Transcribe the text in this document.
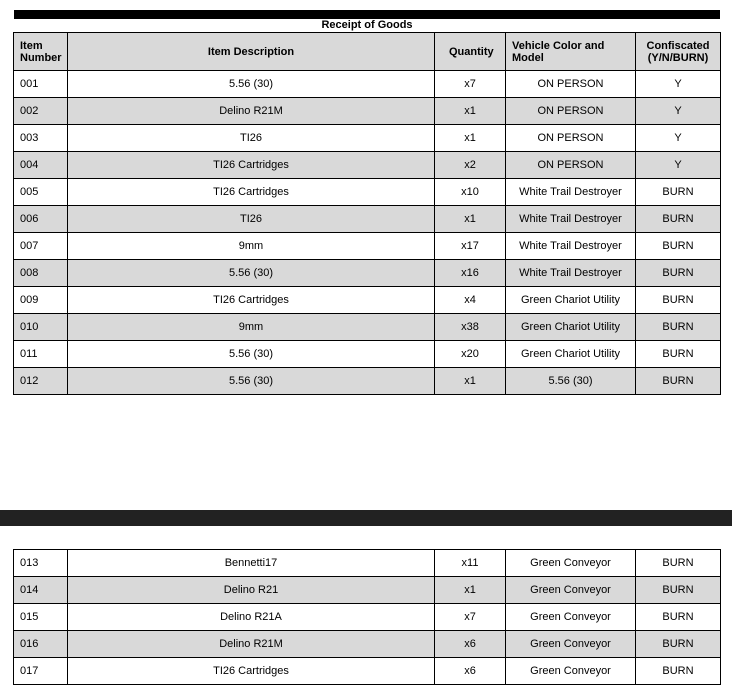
Receipt of Goods
Item Number	Item Description	Quantity	Vehicle Color and Model	Confiscated (Y/N/BURN)
001	5.56 (30)	x7	ON PERSON	Y
002	Delino R21M	x1	ON PERSON	Y
003	TI26	x1	ON PERSON	Y
004	TI26 Cartridges	x2	ON PERSON	Y
005	TI26 Cartridges	x10	White Trail Destroyer	BURN
006	TI26	x1	White Trail Destroyer	BURN
007	9mm	x17	White Trail Destroyer	BURN
008	5.56 (30)	x16	White Trail Destroyer	BURN
009	TI26 Cartridges	x4	Green Chariot Utility	BURN
010	9mm	x38	Green Chariot Utility	BURN
011	5.56 (30)	x20	Green Chariot Utility	BURN
012	5.56 (30)	x1	5.56 (30)	BURN
013	Bennetti17	x11	Green Conveyor	BURN
014	Delino R21	x1	Green Conveyor	BURN
015	Delino R21A	x7	Green Conveyor	BURN
016	Delino R21M	x6	Green Conveyor	BURN
017	TI26 Cartridges	x6	Green Conveyor	BURN
